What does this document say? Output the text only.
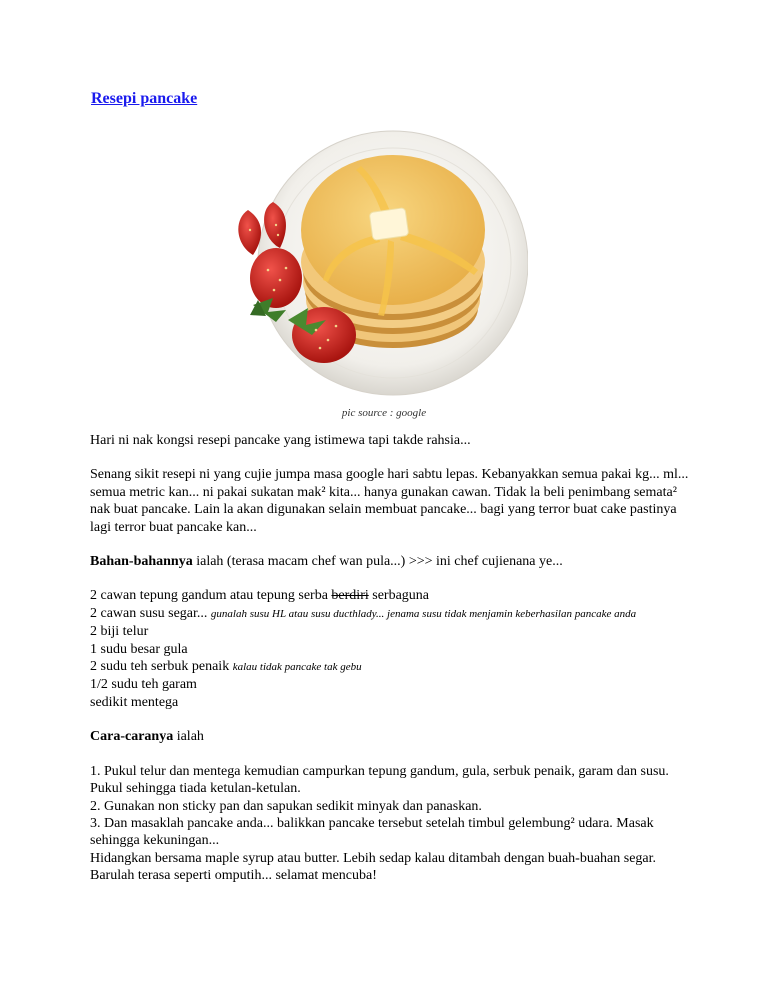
Resepi pancake
pic source : google

Hari ni nak kongsi resepi pancake yang istimewa tapi takde rahsia...

Senang sikit resepi ni yang cujie jumpa masa google hari sabtu lepas. Kebanyakkan semua pakai kg... ml... semua metric kan... ni pakai sukatan mak² kita... hanya gunakan cawan. Tidak la beli penimbang semata² nak buat pancake. Lain la akan digunakan selain membuat pancake... bagi yang terror buat cake pastinya lagi terror buat pancake kan...

Bahan-bahannya ialah (terasa macam chef wan pula...) >>> ini chef cujienana ye...

2 cawan tepung gandum atau tepung serba berdiri serbaguna
2 cawan susu segar... gunalah susu HL atau susu ducthlady... jenama susu tidak menjamin keberhasilan pancake anda
2 biji telur
1 sudu besar gula
2 sudu teh serbuk penaik kalau tidak pancake tak gebu
1/2 sudu teh garam
sedikit mentega

Cara-caranya ialah

1. Pukul telur dan mentega kemudian campurkan tepung gandum, gula, serbuk penaik, garam dan susu. Pukul sehingga tiada ketulan-ketulan.
2. Gunakan non sticky pan dan sapukan sedikit minyak dan panaskan.
3. Dan masaklah pancake anda... balikkan pancake tersebut setelah timbul gelembung² udara. Masak sehingga kekuningan...
Hidangkan bersama maple syrup atau butter. Lebih sedap kalau ditambah dengan buah-buahan segar. Barulah terasa seperti omputih... selamat mencuba!
